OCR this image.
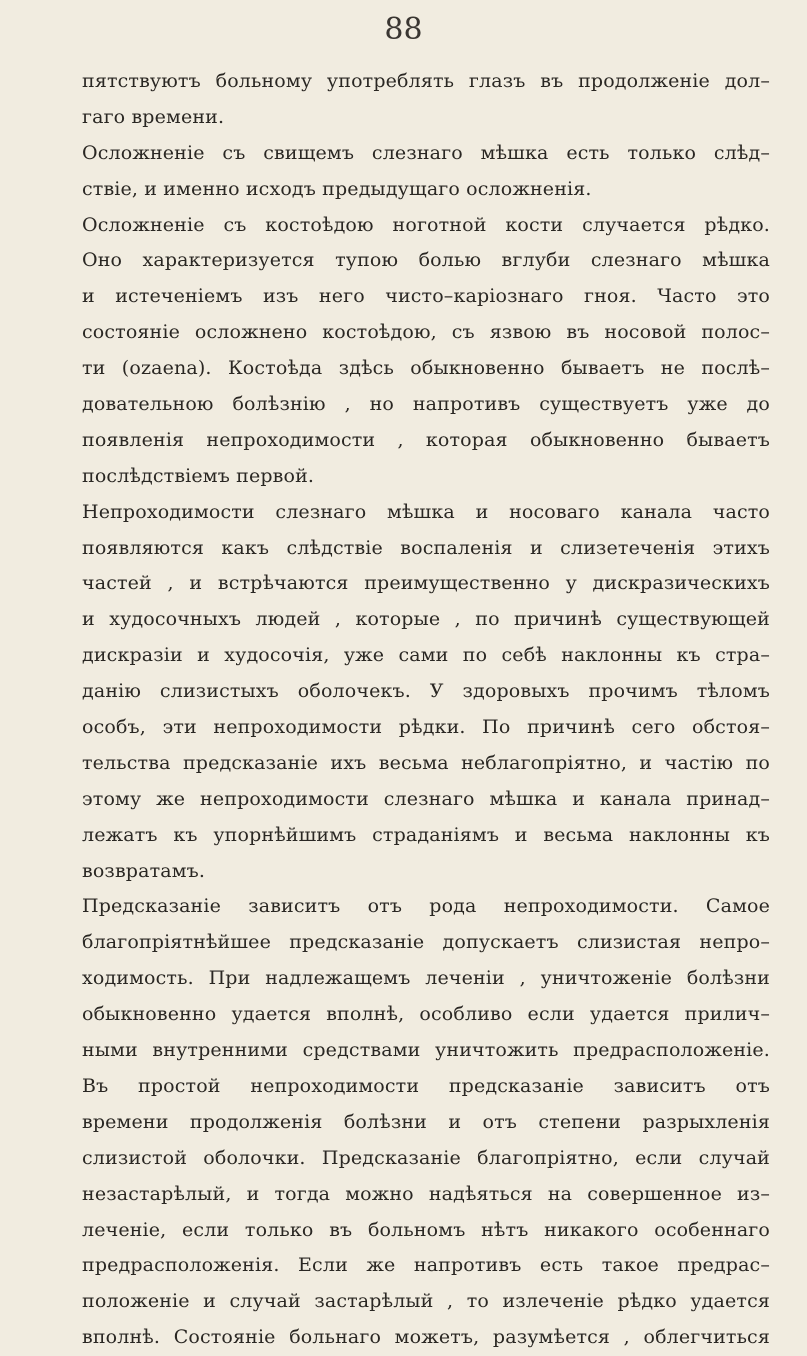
88
пятствуютъ больному употреблять глазъ въ продолженіе дол–
гаго времени.
Осложненіе съ свищемъ слезнаго мѣшка есть только слѣд–
ствіе, и именно исходъ предыдущаго осложненія.
Осложненіе съ костоѣдою ноготной кости случается рѣдко.
Оно характеризуется тупою болью вглуби слезнаго мѣшка
и истеченіемъ изъ него чисто–каріознаго гноя. Часто это
состояніе осложнено костоѣдою, съ язвою въ носовой полос–
ти (ozaena). Костоѣда здѣсь обыкновенно бываетъ не послѣ–
довательною болѣзнію , но напротивъ существуетъ уже до
появленія непроходимости , которая обыкновенно бываетъ
послѣдствіемъ первой.
Непроходимости слезнаго мѣшка и носоваго канала часто
появляются какъ слѣдствіе воспаленія и слизетеченія этихъ
частей , и встрѣчаются преимущественно у дискразическихъ
и худосочныхъ людей , которые , по причинѣ существующей
дискразіи и худосочія, уже сами по себѣ наклонны къ стра–
данію слизистыхъ оболочекъ. У здоровыхъ прочимъ тѣломъ
особъ, эти непроходимости рѣдки. По причинѣ сего обстоя–
тельства предсказаніе ихъ весьма неблагопріятно, и частію по
этому же непроходимости слезнаго мѣшка и канала принад–
лежатъ къ упорнѣйшимъ страданіямъ и весьма наклонны къ
возвратамъ.
Предсказаніе зависитъ отъ рода непроходимости. Самое
благопріятнѣйшее предсказаніе допускаетъ слизистая непро–
ходимость. При надлежащемъ леченіи , уничтоженіе болѣзни
обыкновенно удается вполнѣ, особливо если удается прилич–
ными внутренними средствами уничтожить предрасположеніе.
Въ простой непроходимости предсказаніе зависитъ отъ
времени продолженія болѣзни и отъ степени разрыхленія
слизистой оболочки. Предсказаніе благопріятно, если случай
незастарѣлый, и тогда можно надѣяться на совершенное из–
леченіе, если только въ больномъ нѣтъ никакого особеннаго
предрасположенія. Если же напротивъ есть такое предрас–
положеніе и случай застарѣлый , то излеченіе рѣдко удается
вполнѣ. Состояніе больнаго можетъ, разумѣется , облегчиться
